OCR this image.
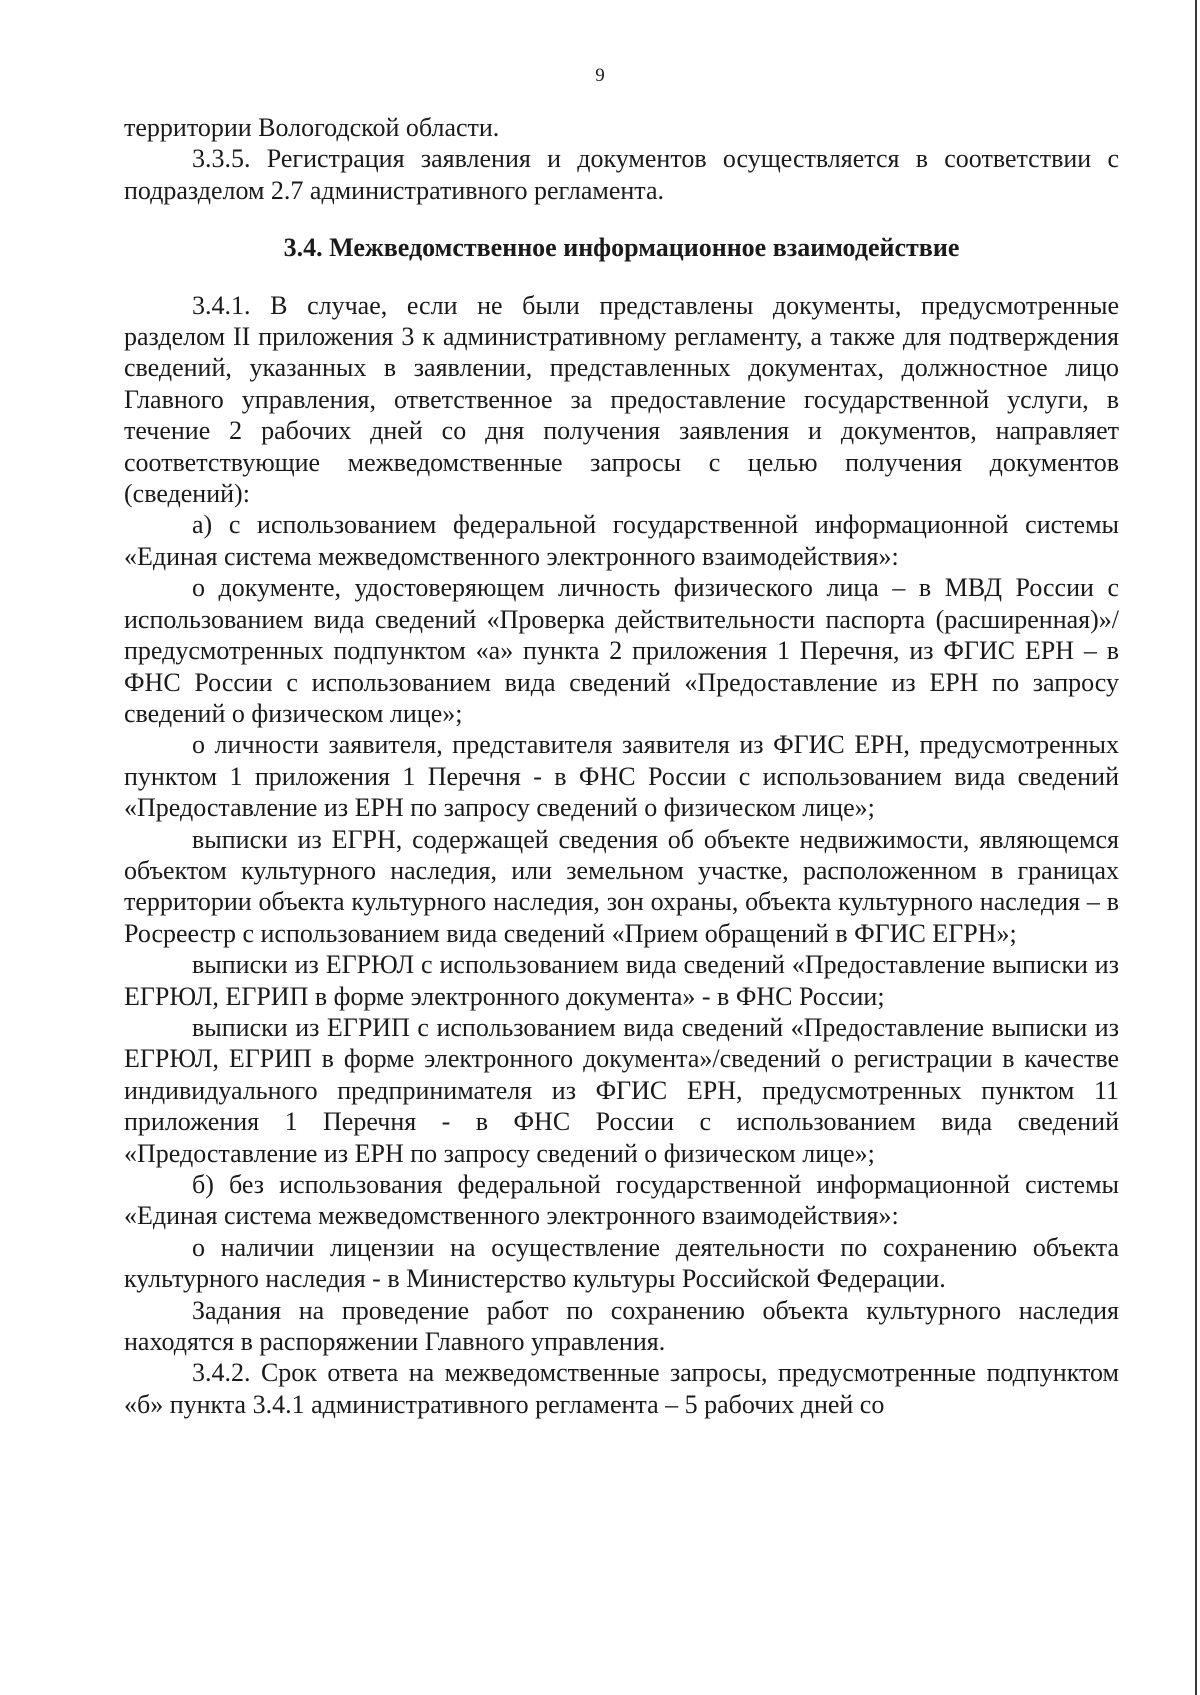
9

территории Вологодской области.

3.3.5. Регистрация заявления и документов осуществляется в соответствии с подразделом 2.7 административного регламента.

3.4. Межведомственное информационное взаимодействие

3.4.1. В случае, если не были представлены документы, предусмотренные разделом II приложения 3 к административному регламенту, а также для подтверждения сведений, указанных в заявлении, представленных документах, должностное лицо Главного управления, ответственное за предоставление государственной услуги, в течение 2 рабочих дней со дня получения заявления и документов, направляет соответствующие межведомственные запросы с целью получения документов (сведений):

а) с использованием федеральной государственной информационной системы «Единая система межведомственного электронного взаимодействия»:

о документе, удостоверяющем личность физического лица – в МВД России с использованием вида сведений «Проверка действительности паспорта (расширенная)»/предусмотренных подпунктом «а» пункта 2 приложения 1 Перечня, из ФГИС ЕРН – в ФНС России с использованием вида сведений «Предоставление из ЕРН по запросу сведений о физическом лице»;

о личности заявителя, представителя заявителя из ФГИС ЕРН, предусмотренных пунктом 1 приложения 1 Перечня - в ФНС России с использованием вида сведений «Предоставление из ЕРН по запросу сведений о физическом лице»;

выписки из ЕГРН, содержащей сведения об объекте недвижимости, являющемся объектом культурного наследия, или земельном участке, расположенном в границах территории объекта культурного наследия, зон охраны, объекта культурного наследия – в Росреестр с использованием вида сведений «Прием обращений в ФГИС ЕГРН»;

выписки из ЕГРЮЛ с использованием вида сведений «Предоставление выписки из ЕГРЮЛ, ЕГРИП в форме электронного документа» - в ФНС России;

выписки из ЕГРИП с использованием вида сведений «Предоставление выписки из ЕГРЮЛ, ЕГРИП в форме электронного документа»/сведений о регистрации в качестве индивидуального предпринимателя из ФГИС ЕРН, предусмотренных пунктом 11 приложения 1 Перечня - в ФНС России с использованием вида сведений «Предоставление из ЕРН по запросу сведений о физическом лице»;

б) без использования федеральной государственной информационной системы «Единая система межведомственного электронного взаимодействия»:

о наличии лицензии на осуществление деятельности по сохранению объекта культурного наследия - в Министерство культуры Российской Федерации.

Задания на проведение работ по сохранению объекта культурного наследия находятся в распоряжении Главного управления.

3.4.2. Срок ответа на межведомственные запросы, предусмотренные подпунктом «б» пункта 3.4.1 административного регламента – 5 рабочих дней со
